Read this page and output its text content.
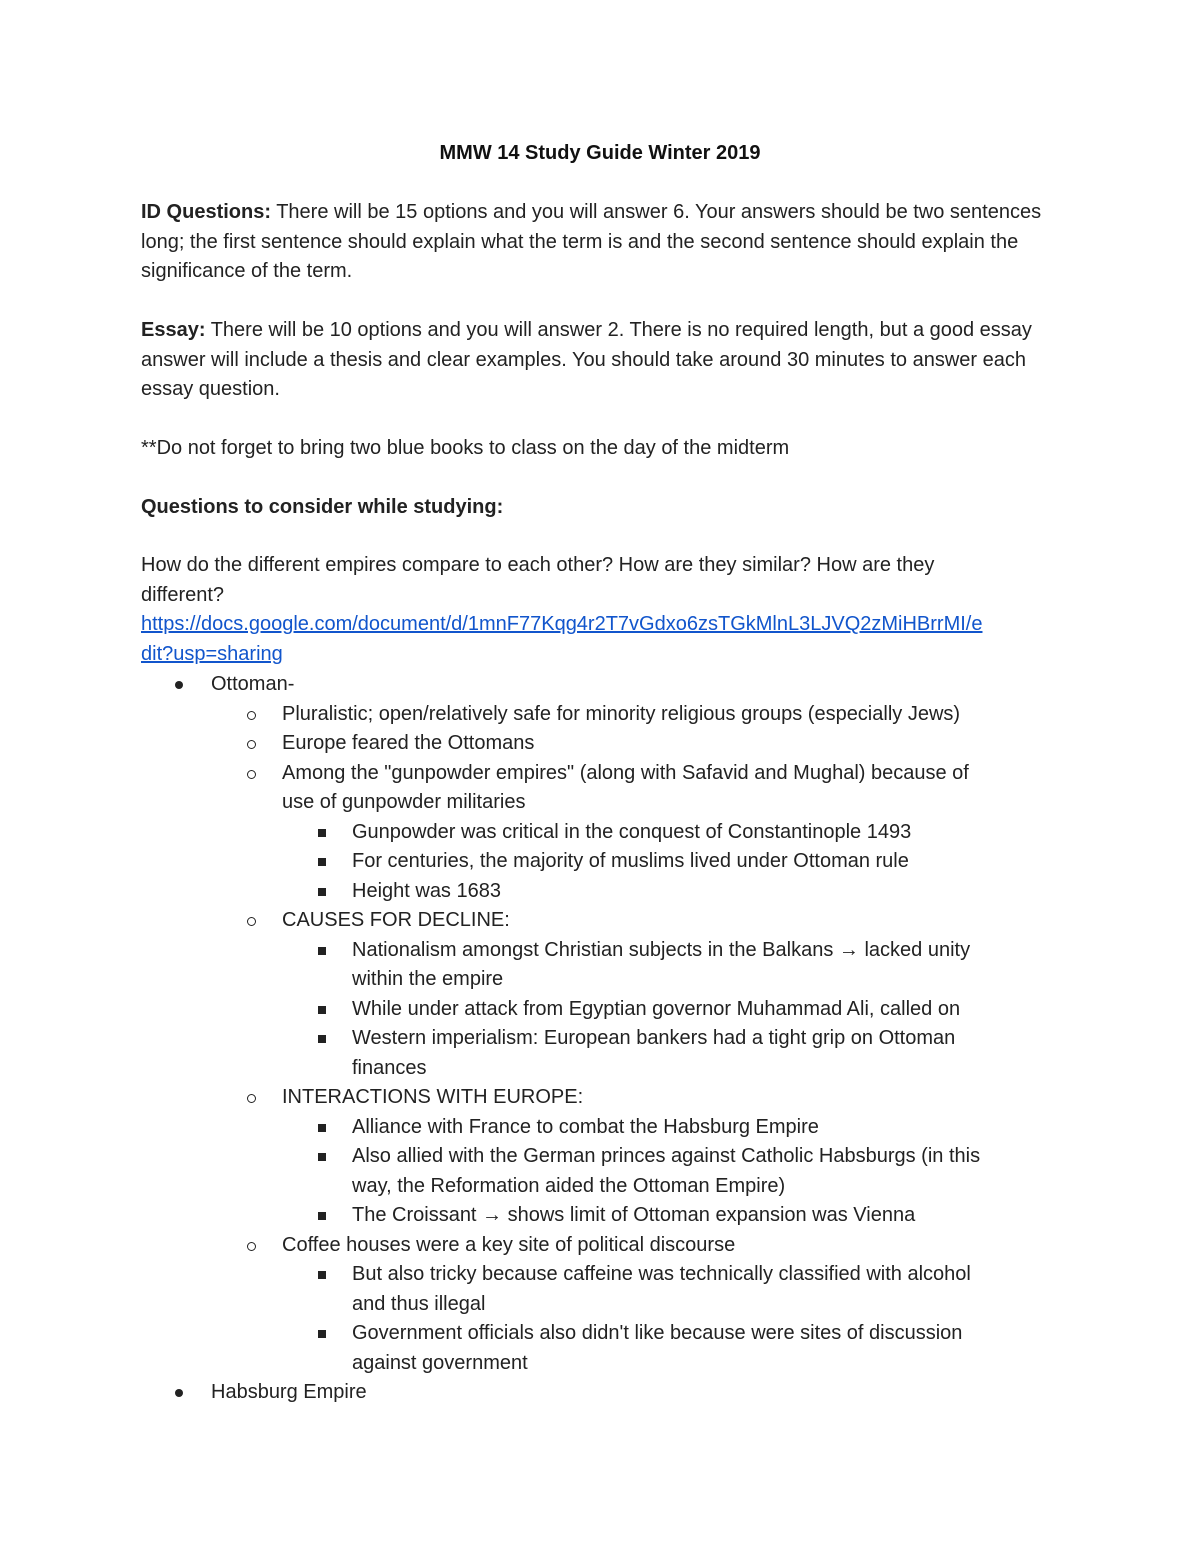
MMW 14 Study Guide Winter 2019
ID Questions: There will be 15 options and you will answer 6. Your answers should be two sentences long; the first sentence should explain what the term is and the second sentence should explain the significance of the term.
Essay: There will be 10 options and you will answer 2. There is no required length, but a good essay answer will include a thesis and clear examples. You should take around 30 minutes to answer each essay question.
**Do not forget to bring two blue books to class on the day of the midterm
Questions to consider while studying:
How do the different empires compare to each other? How are they similar? How are they different?
https://docs.google.com/document/d/1mnF77Kqg4r2T7vGdxo6zsTGkMlnL3LJVQ2zMiHBrrMI/e
dit?usp=sharing
Ottoman-
Pluralistic; open/relatively safe for minority religious groups (especially Jews)
Europe feared the Ottomans
Among the "gunpowder empires" (along with Safavid and Mughal) because of
use of gunpowder militaries
Gunpowder was critical in the conquest of Constantinople 1493
For centuries, the majority of muslims lived under Ottoman rule
Height was 1683
CAUSES FOR DECLINE:
Nationalism amongst Christian subjects in the Balkans → lacked unity
within the empire
While under attack from Egyptian governor Muhammad Ali, called on
Western imperialism: European bankers had a tight grip on Ottoman
finances
INTERACTIONS WITH EUROPE:
Alliance with France to combat the Habsburg Empire
Also allied with the German princes against Catholic Habsburgs (in this
way, the Reformation aided the Ottoman Empire)
The Croissant → shows limit of Ottoman expansion was Vienna
Coffee houses were a key site of political discourse
But also tricky because caffeine was technically classified with alcohol
and thus illegal
Government officials also didn't like because were sites of discussion
against government
Habsburg Empire
